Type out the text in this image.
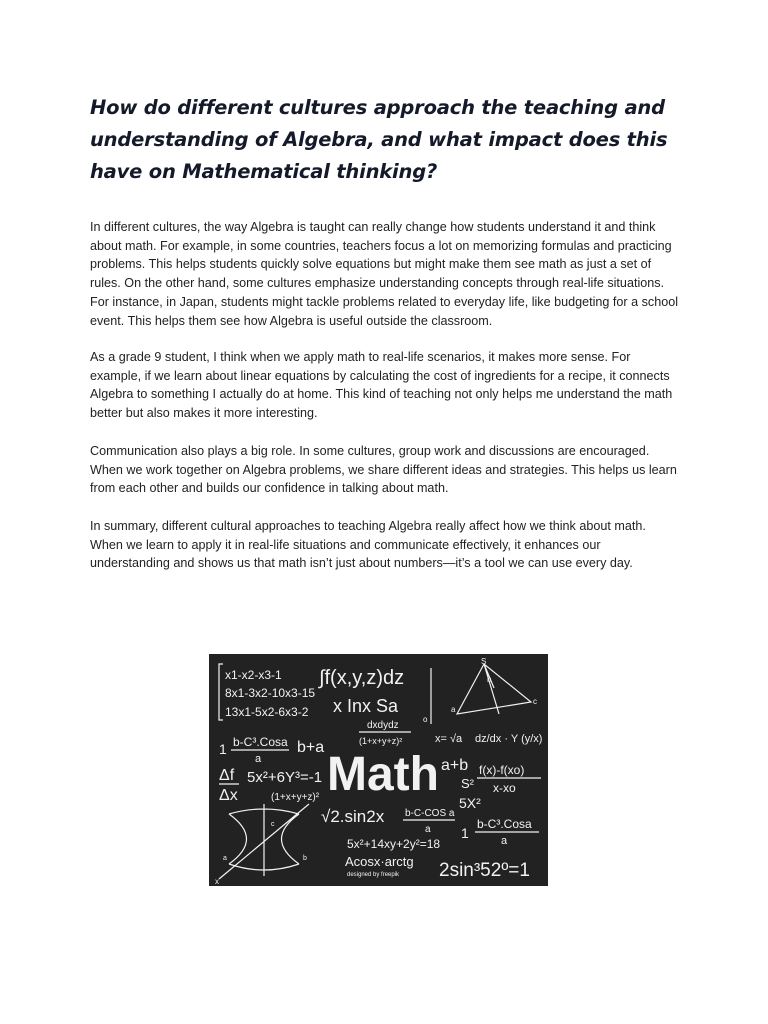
How do different cultures approach the teaching and understanding of Algebra, and what impact does this have on Mathematical thinking?

In different cultures, the way Algebra is taught can really change how students understand it and think about math. For example, in some countries, teachers focus a lot on memorizing formulas and practicing problems. This helps students quickly solve equations but might make them see math as just a set of rules. On the other hand, some cultures emphasize understanding concepts through real-life situations. For instance, in Japan, students might tackle problems related to everyday life, like budgeting for a school event. This helps them see how Algebra is useful outside the classroom.

As a grade 9 student, I think when we apply math to real-life scenarios, it makes more sense. For example, if we learn about linear equations by calculating the cost of ingredients for a recipe, it connects Algebra to something I actually do at home. This kind of teaching not only helps me understand the math better but also makes it more interesting.

Communication also plays a big role. In some cultures, group work and discussions are encouraged. When we work together on Algebra problems, we share different ideas and strategies. This helps us learn from each other and builds our confidence in talking about math.

In summary, different cultural approaches to teaching Algebra really affect how we think about math. When we learn to apply it in real-life situations and communicate effectively, it enhances our understanding and shows us that math isn’t just about numbers—it’s a tool we can use every day.

x1-x2-x3-1
8x1-3x2-10x3-15
13x1-5x2-6x3-2
∫f(x,y,z)dz
x Inx Sa
dxdydz
(1+x+y+z)²
S
h
a
c
o
x= √a dz/dx · Y (y/x)
b-C³.Cosa
a
1	b+a
Math
Δf
Δx
5x²+6Y³=-1
(1+x+y+z)²
a+b f(x)-f(xo)
x-xo
S²
5X²
c
a	b
x
√2.sin2x b-C-COS a
a 1
b-C³.Cosa
a
5x²+14xy+2y²=18
Acosx·arctg
designed by freepik 2sin³52º=1
